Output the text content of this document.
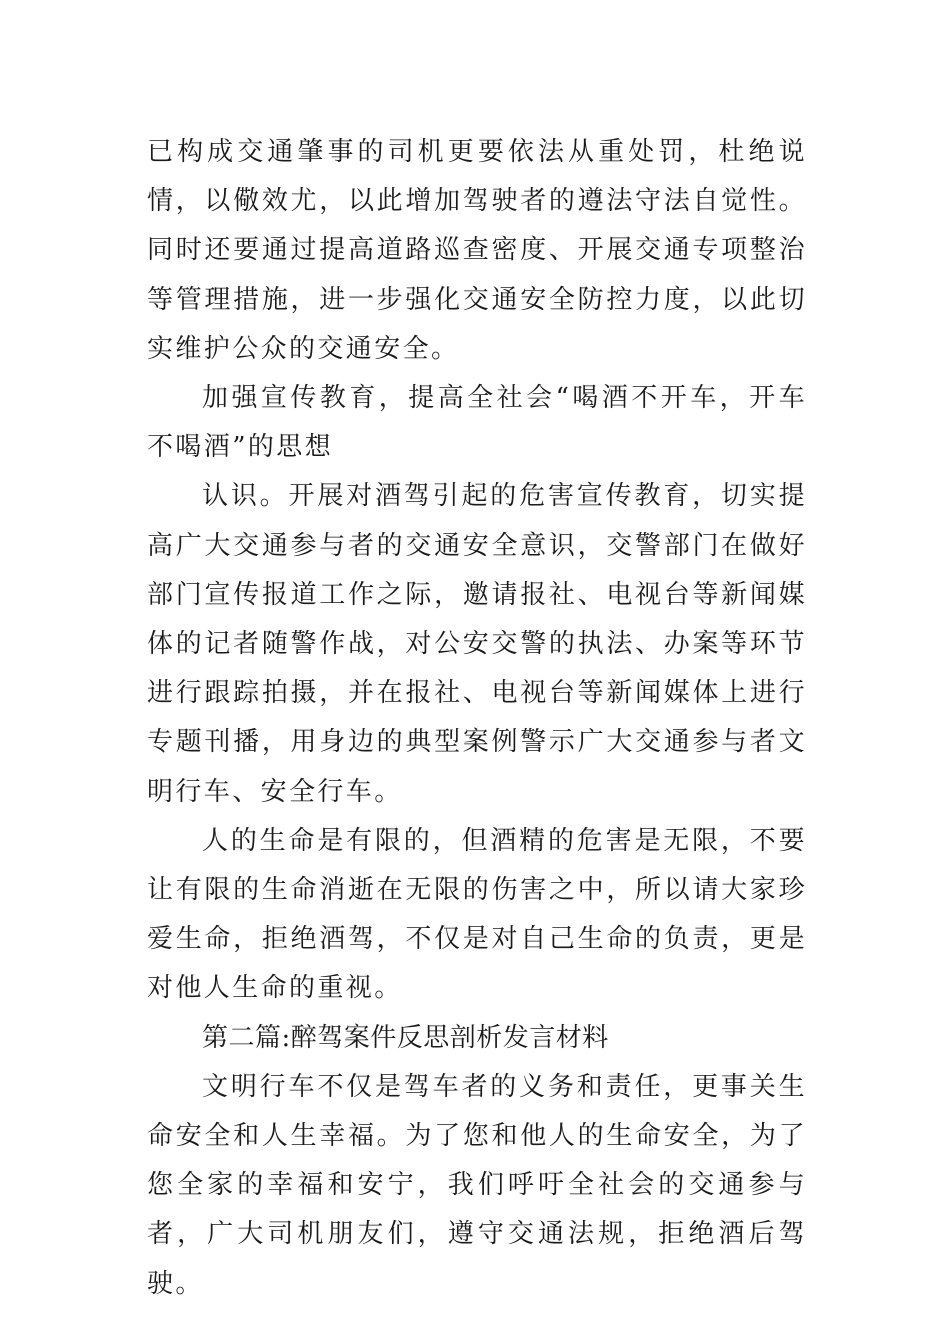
已构成交通肇事的司机更要依法从重处罚，杜绝说情，以儆效尤，以此增加驾驶者的遵法守法自觉性。同时还要通过提高道路巡查密度、开展交通专项整治等管理措施，进一步强化交通安全防控力度，以此切实维护公众的交通安全。

加强宣传教育，提高全社会“喝酒不开车，开车不喝酒”的思想

认识。开展对酒驾引起的危害宣传教育，切实提高广大交通参与者的交通安全意识，交警部门在做好部门宣传报道工作之际，邀请报社、电视台等新闻媒体的记者随警作战，对公安交警的执法、办案等环节进行跟踪拍摄，并在报社、电视台等新闻媒体上进行专题刊播，用身边的典型案例警示广大交通参与者文明行车、安全行车。

人的生命是有限的，但酒精的危害是无限，不要让有限的生命消逝在无限的伤害之中，所以请大家珍爱生命，拒绝酒驾，不仅是对自己生命的负责，更是对他人生命的重视。

第二篇:醉驾案件反思剖析发言材料

文明行车不仅是驾车者的义务和责任，更事关生命安全和人生幸福。为了您和他人的生命安全，为了您全家的幸福和安宁，我们呼吁全社会的交通参与者，广大司机朋友们，遵守交通法规，拒绝酒后驾驶。
